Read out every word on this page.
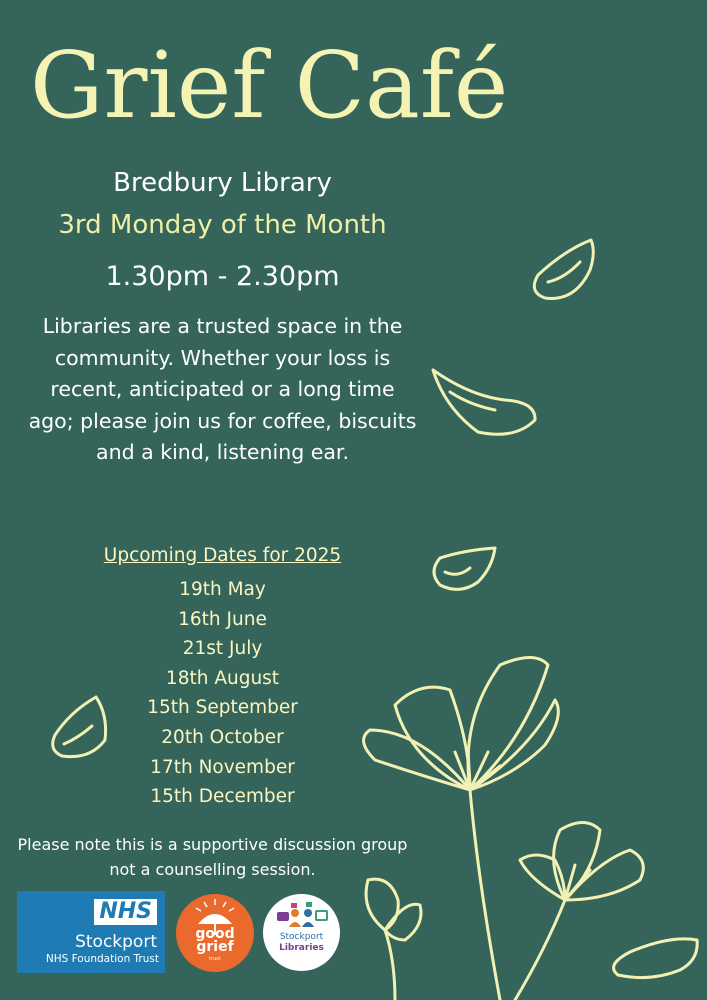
Grief Café
Bredbury Library
3rd Monday of the Month
1.30pm - 2.30pm
Libraries are a trusted space in the community. Whether your loss is recent, anticipated or a long time ago; please join us for coffee, biscuits and a kind, listening ear.
Upcoming Dates for 2025
19th May
16th June
21st July
18th August
15th September
20th October
17th November
15th December
Please note this is a supportive discussion group not a counselling session.
NHS
Stockport
NHS Foundation Trust
good
grief
trust
Stockport
Libraries
